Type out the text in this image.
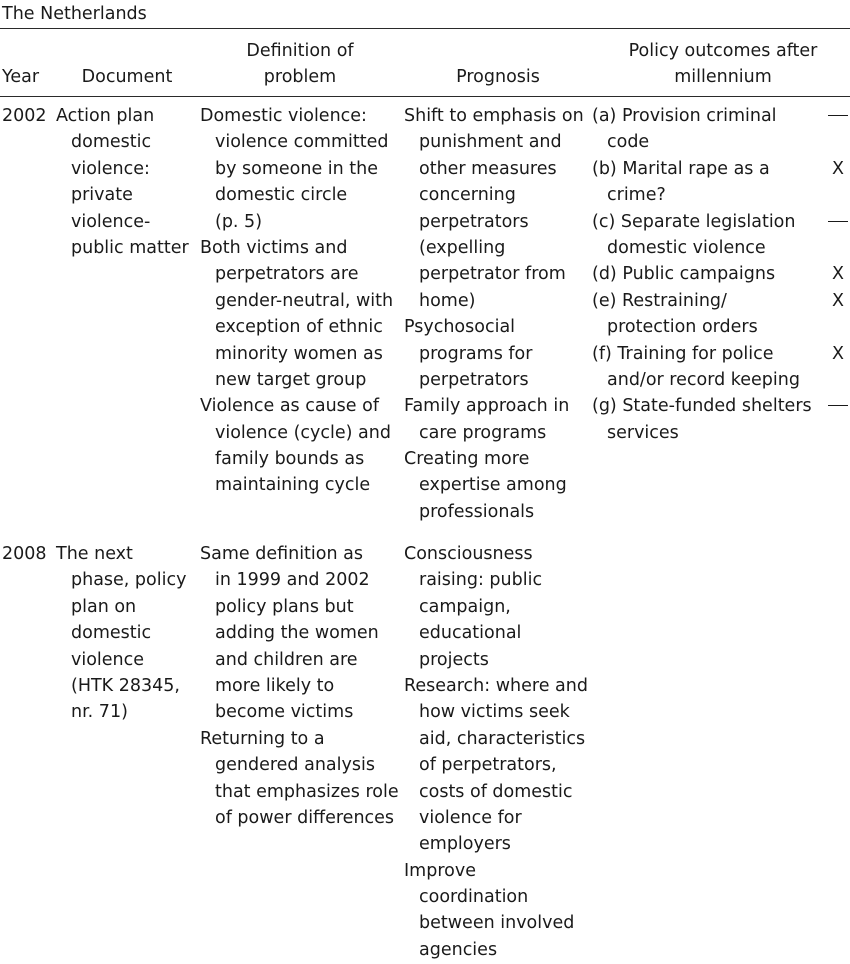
The Netherlands
Year	Document
Definition of
problem	Prognosis
Policy outcomes after
millennium
2002 Action plan
domestic
violence:
private
violence-
public matter
Domestic violence:
violence committed
by someone in the
domestic circle
(p. 5)
Both victims and
perpetrators are
gender-neutral, with
exception of ethnic
minority women as
new target group
Violence as cause of
violence (cycle) and
family bounds as
maintaining cycle
Shift to emphasis on
punishment and
other measures
concerning
perpetrators
(expelling
perpetrator from
home)
Psychosocial
programs for
perpetrators
Family approach in
care programs
Creating more
expertise among
professionals
(a) Provision criminal
code
(b) Marital rape as a
crime?
(c) Separate legislation
domestic violence
(d) Public campaigns
(e) Restraining/
protection orders
(f) Training for police
and/or record keeping
(g) State-funded shelters
services
X
X
X
X
2008 The next
phase, policy
plan on
domestic
violence
(HTK 28345,
nr. 71)
Same definition as
in 1999 and 2002
policy plans but
adding the women
and children are
more likely to
become victims
Returning to a
gendered analysis
that emphasizes role
of power differences
Consciousness
raising: public
campaign,
educational
projects
Research: where and
how victims seek
aid, characteristics
of perpetrators,
costs of domestic
violence for
employers
Improve
coordination
between involved
agencies
